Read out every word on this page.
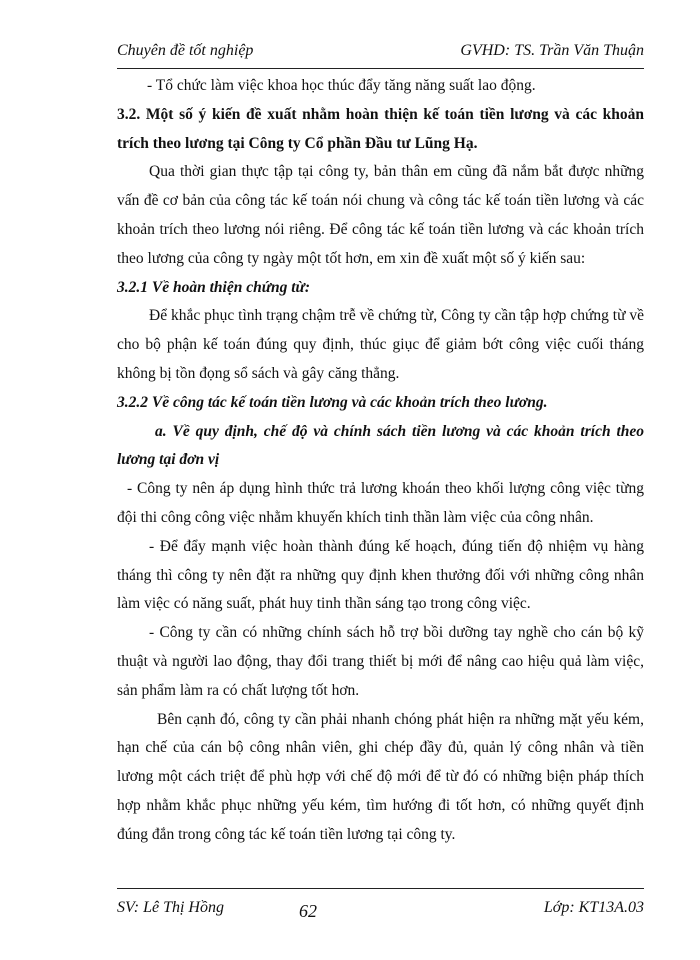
Chuyên đề tốt nghiệp	GVHD: TS. Trần Văn Thuận

- Tổ chức làm việc khoa học thúc đẩy tăng năng suất lao động.

3.2. Một số ý kiến đề xuất nhằm hoàn thiện kế toán tiền lương và các khoản trích theo lương tại Công ty Cổ phần Đầu tư Lũng Hạ.

Qua thời gian thực tập tại công ty, bản thân em cũng đã nắm bắt được những vấn đề cơ bản của công tác kế toán nói chung và công tác kế toán tiền lương và các khoản trích theo lương nói riêng. Để công tác kế toán tiền lương và các khoản trích theo lương của công ty ngày một tốt hơn, em xin đề xuất một số ý kiến sau:

3.2.1 Về hoàn thiện chứng từ:

Để khắc phục tình trạng chậm trễ về chứng từ, Công ty cần tập hợp chứng từ về cho bộ phận kế toán đúng quy định, thúc giục để giảm bớt công việc cuối tháng không bị tồn đọng sổ sách và gây căng thẳng.

3.2.2 Về công tác kế toán tiền lương và các khoản trích theo lương.

a. Về quy định, chế độ và chính sách tiền lương và các khoản trích theo lương tại đơn vị

- Công ty nên áp dụng hình thức trả lương khoán theo khối lượng công việc từng đội thi công công việc nhằm khuyến khích tinh thần làm việc của công nhân.

- Để đẩy mạnh việc hoàn thành đúng kế hoạch, đúng tiến độ nhiệm vụ hàng tháng thì công ty nên đặt ra những quy định khen thưởng đối với những công nhân làm việc có năng suất, phát huy tinh thần sáng tạo trong công việc.

- Công ty cần có những chính sách hỗ trợ bồi dưỡng tay nghề cho cán bộ kỹ thuật và người lao động, thay đổi trang thiết bị mới để nâng cao hiệu quả làm việc, sản phẩm làm ra có chất lượng tốt hơn.

Bên cạnh đó, công ty cần phải nhanh chóng phát hiện ra những mặt yếu kém, hạn chế của cán bộ công nhân viên, ghi chép đầy đủ, quản lý công nhân và tiền lương một cách triệt để phù hợp với chế độ mới để từ đó có những biện pháp thích hợp nhằm khắc phục những yếu kém, tìm hướng đi tốt hơn, có những quyết định đúng đắn trong công tác kế toán tiền lương tại công ty.

SV: Lê Thị Hồng	62	Lớp: KT13A.03
